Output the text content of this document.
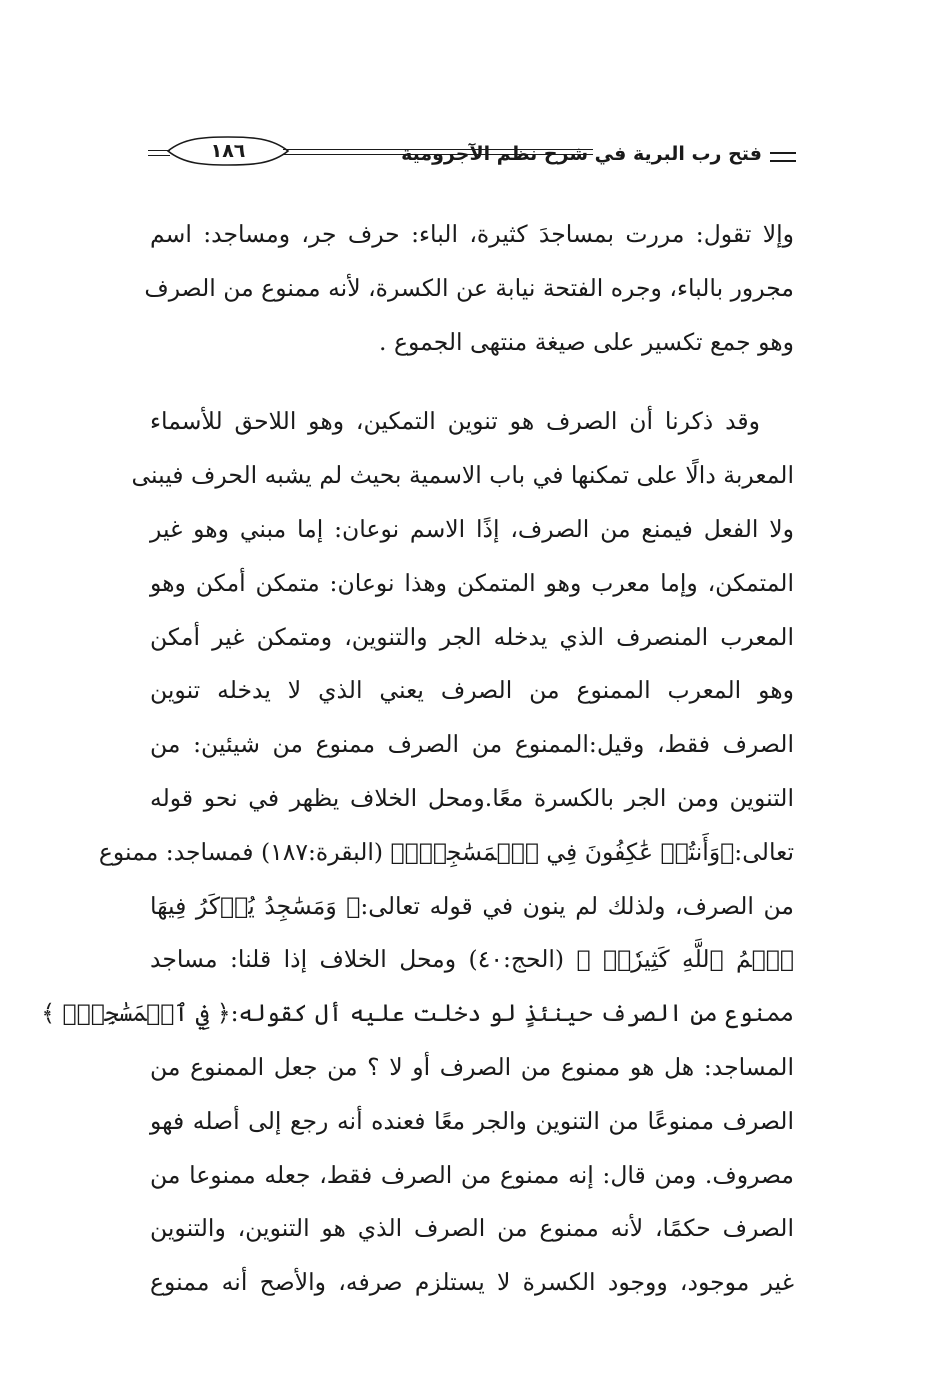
فتح رب البرية في شرح نظم الآجرومية
١٨٦

وإلا تقول: مررت بمساجدَ كثيرة، الباء: حرف جر، ومساجد: اسم
مجرور بالباء، وجره الفتحة نيابة عن الكسرة، لأنه ممنوع من الصرف
وهو جمع تكسير على صيغة منتهى الجموع .

وقد ذكرنا أن الصرف هو تنوين التمكين، وهو اللاحق للأسماء
المعربة دالًا على تمكنها في باب الاسمية بحيث لم يشبه الحرف فيبنى
ولا الفعل فيمنع من الصرف، إذًا الاسم نوعان: إما مبني وهو غير
المتمكن، وإما معرب وهو المتمكن وهذا نوعان: متمكن أمكن وهو
المعرب المنصرف الذي يدخله الجر والتنوين، ومتمكن غير أمكن
وهو المعرب الممنوع من الصرف يعني الذي لا يدخله تنوين
الصرف فقط، وقيل:الممنوع من الصرف ممنوع من شيئين: من
التنوين ومن الجر بالكسرة معًا.ومحل الخلاف يظهر في نحو قوله
تعالى:﴿وَأَنتُمۡ عَٰكِفُونَ فِي ٱلۡمَسَٰجِدِۗ﴾ (البقرة:١٨٧) فمساجد: ممنوع
من الصرف، ولذلك لم ينون في قوله تعالى:﴿ وَمَسَٰجِدُ يُذۡكَرُ فِيهَا
ٱسۡمُ ٱللَّهِ كَثِيرٗاۗ ﴾ (الحج:٤٠) ومحل الخلاف إذا قلنا: مساجد
ممنوع من الصرف حينئذٍ لو دخلت عليه أل كقوله:﴿ فِي ٱلۡمَسَٰجِدِۗ ﴾
المساجد: هل هو ممنوع من الصرف أو لا ؟ من جعل الممنوع من
الصرف ممنوعًا من التنوين والجر معًا فعنده أنه رجع إلى أصله فهو
مصروف. ومن قال: إنه ممنوع من الصرف فقط، جعله ممنوعا من
الصرف حكمًا، لأنه ممنوع من الصرف الذي هو التنوين، والتنوين
غير موجود، ووجود الكسرة لا يستلزم صرفه، والأصح أنه ممنوع
